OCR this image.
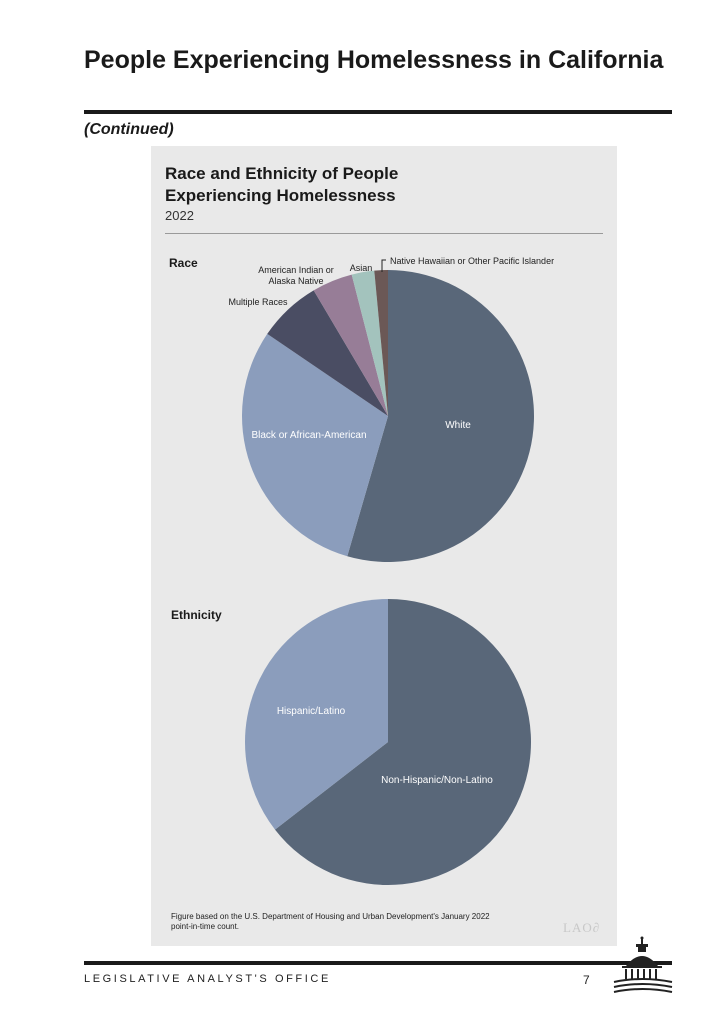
People Experiencing Homelessness in California
(Continued)
Race and Ethnicity of People Experiencing Homelessness
2022
Race
Ethnicity
White
Black or African-American
Multiple Races
American Indian or Alaska Native
Asian
Native Hawaiian or Other Pacific Islander
Non-Hispanic/Non-Latino
Hispanic/Latino
Figure based on the U.S. Department of Housing and Urban Development's January 2022 point-in-time count.	LAO∂
LEGISLATIVE ANALYST'S OFFICE	7
